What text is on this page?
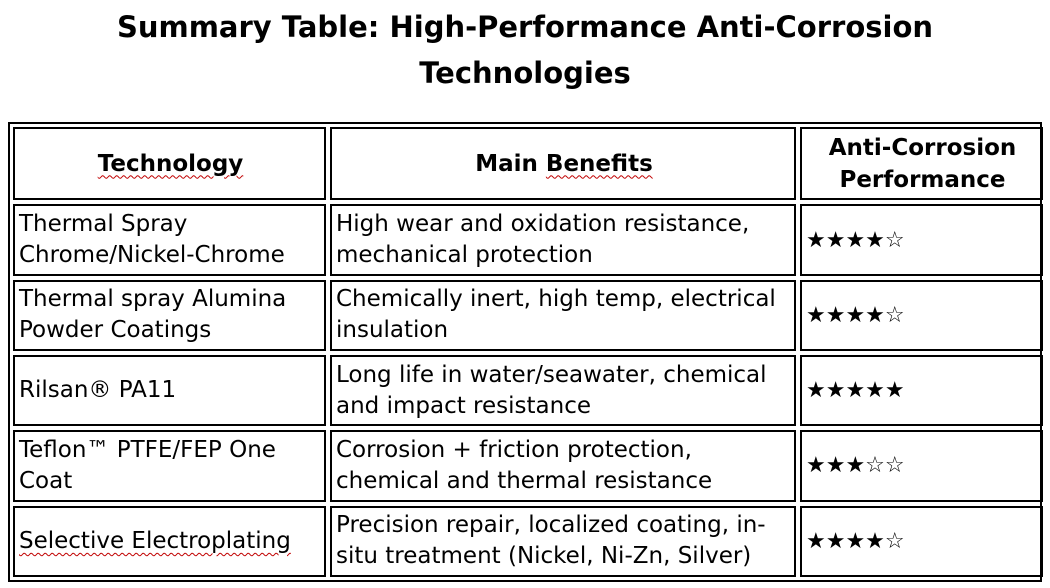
Summary Table: High-Performance Anti-Corrosion
Technologies
Technology	Main Benefits	Anti-Corrosion Performance
Thermal Spray Chrome/Nickel-Chrome	High wear and oxidation resistance, mechanical protection	★★★★☆
Thermal spray Alumina Powder Coatings	Chemically inert, high temp, electrical insulation	★★★★☆
Rilsan® PA11	Long life in water/seawater, chemical and impact resistance	★★★★★
Teflon™ PTFE/FEP One Coat	Corrosion + friction protection, chemical and thermal resistance	★★★☆☆
Selective Electroplating	Precision repair, localized coating, in-situ treatment (Nickel, Ni-Zn, Silver)	★★★★☆
